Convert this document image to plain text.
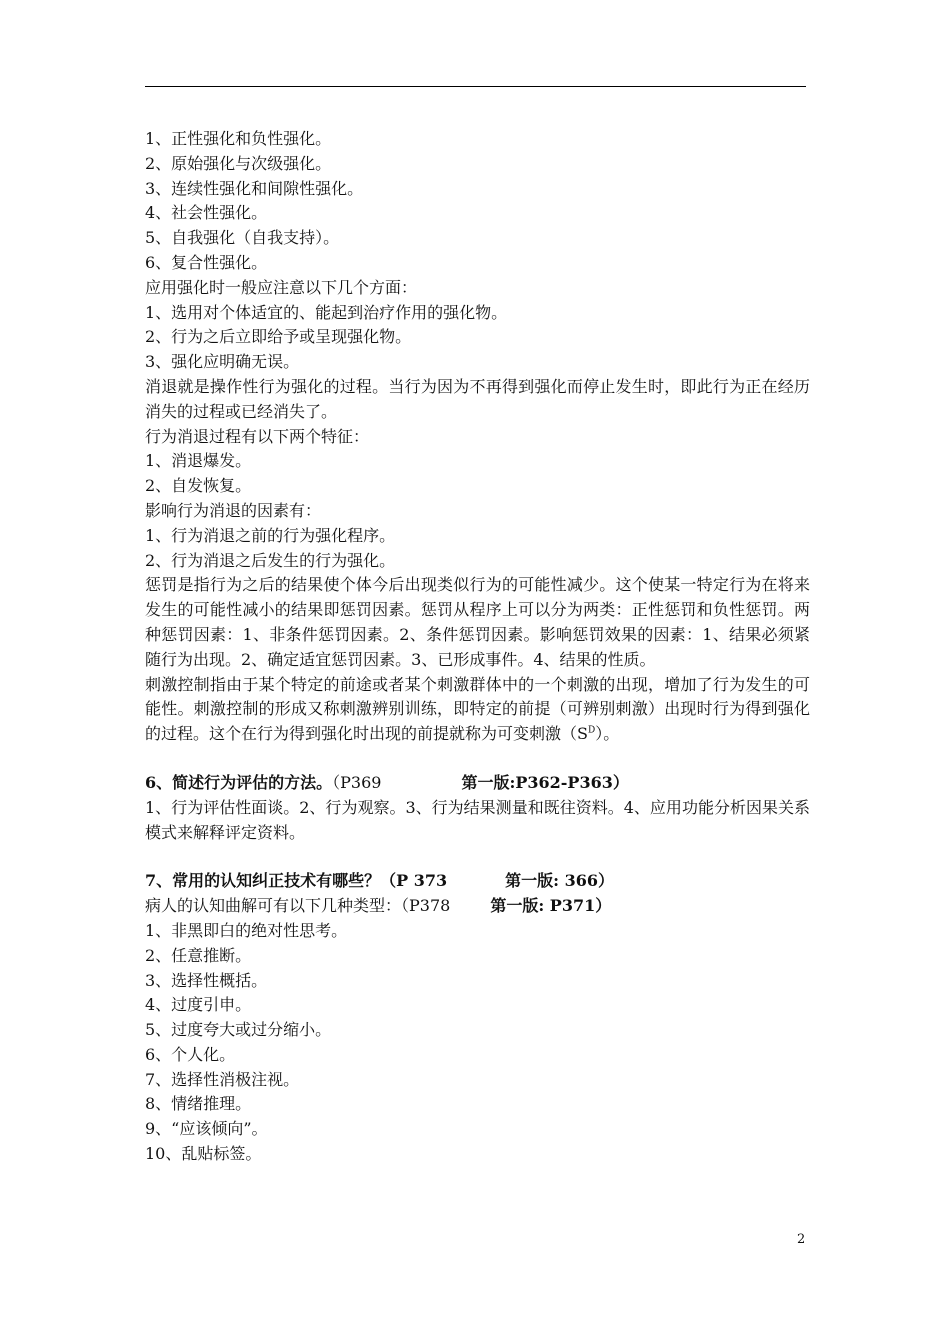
1、正性强化和负性强化。
2、原始强化与次级强化。
3、连续性强化和间隙性强化。
4、社会性强化。
5、自我强化（自我支持）。
6、复合性强化。
应用强化时一般应注意以下几个方面：
1、选用对个体适宜的、能起到治疗作用的强化物。
2、行为之后立即给予或呈现强化物。
3、强化应明确无误。

消退就是操作性行为强化的过程。当行为因为不再得到强化而停止发生时，即此行为正在经历消失的过程或已经消失了。

行为消退过程有以下两个特征：
1、消退爆发。
2、自发恢复。
影响行为消退的因素有：
1、行为消退之前的行为强化程序。
2、行为消退之后发生的行为强化。

惩罚是指行为之后的结果使个体今后出现类似行为的可能性减少。这个使某一特定行为在将来发生的可能性减小的结果即惩罚因素。惩罚从程序上可以分为两类：正性惩罚和负性惩罚。两种惩罚因素：1、非条件惩罚因素。2、条件惩罚因素。影响惩罚效果的因素：1、结果必须紧随行为出现。2、确定适宜惩罚因素。3、已形成事件。4、结果的性质。

刺激控制指由于某个特定的前途或者某个刺激群体中的一个刺激的出现，增加了行为发生的可能性。刺激控制的形成又称刺激辨别训练，即特定的前提（可辨别刺激）出现时行为得到强化的过程。这个在行为得到强化时出现的前提就称为可变刺激$(S^D)$。

6、简述行为评估的方法。（P369	第一版:P362-P363）

1、行为评估性面谈。2、行为观察。3、行为结果测量和既往资料。4、应用功能分析因果关系模式来解释评定资料。

7、常用的认知纠正技术有哪些？（P 373	第一版: 366）
病人的认知曲解可有以下几种类型：（P378	第一版: P371）
1、非黑即白的绝对性思考。
2、任意推断。
3、选择性概括。
4、过度引申。
5、过度夸大或过分缩小。
6、个人化。
7、选择性消极注视。
8、情绪推理。
9、“应该倾向”。
10、乱贴标签。
2
